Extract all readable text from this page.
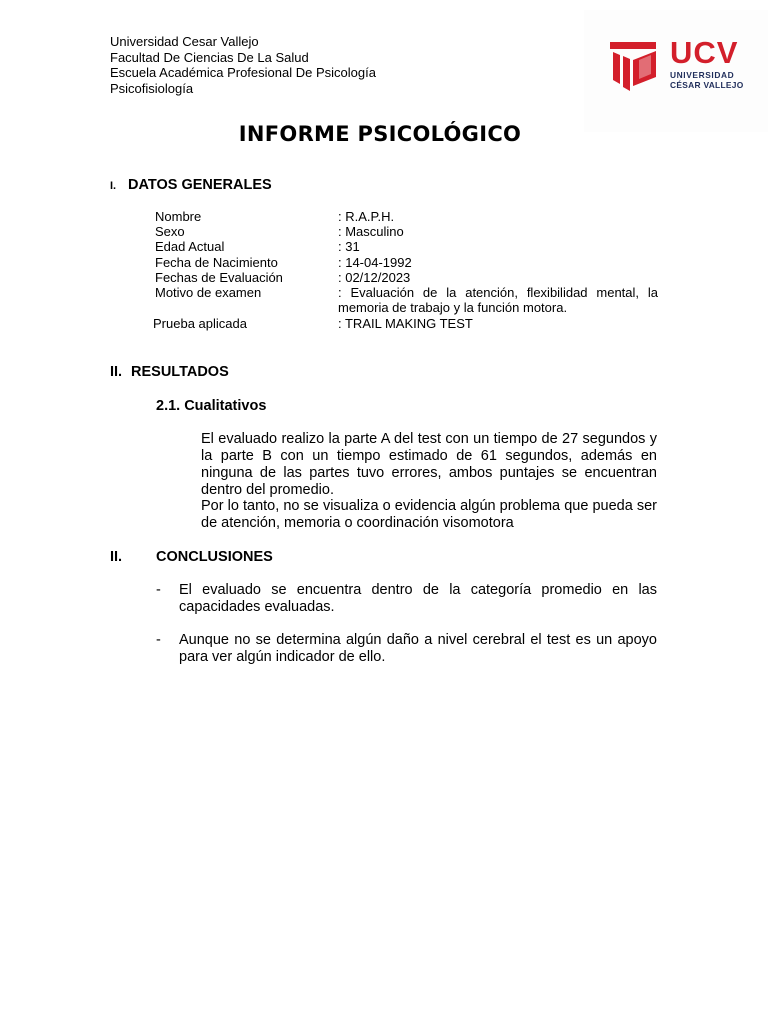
Universidad Cesar Vallejo
Facultad De Ciencias De La Salud
Escuela Académica Profesional De Psicología
Psicofisiología
UCV
UNIVERSIDAD
CÉSAR VALLEJO
INFORME PSICOLÓGICO
I. DATOS GENERALES
Nombre	: R.A.P.H.
Sexo	: Masculino
Edad Actual	: 31
Fecha de Nacimiento	: 14-04-1992
Fechas de Evaluación	: 02/12/2023
Motivo de examen	: Evaluación de la atención, flexibilidad mental, la memoria de trabajo y la función motora.
Prueba aplicada	: TRAIL MAKING TEST
II. RESULTADOS
2.1. Cualitativos
El evaluado realizo la parte A del test con un tiempo de 27 segundos y la parte B con un tiempo estimado de 61 segundos, además en ninguna de las partes tuvo errores, ambos puntajes se encuentran dentro del promedio.
Por lo tanto, no se visualiza o evidencia algún problema que pueda ser de atención, memoria o coordinación visomotora
II. CONCLUSIONES
-	El evaluado se encuentra dentro de la categoría promedio en las capacidades evaluadas.
-	Aunque no se determina algún daño a nivel cerebral el test es un apoyo para ver algún indicador de ello.
